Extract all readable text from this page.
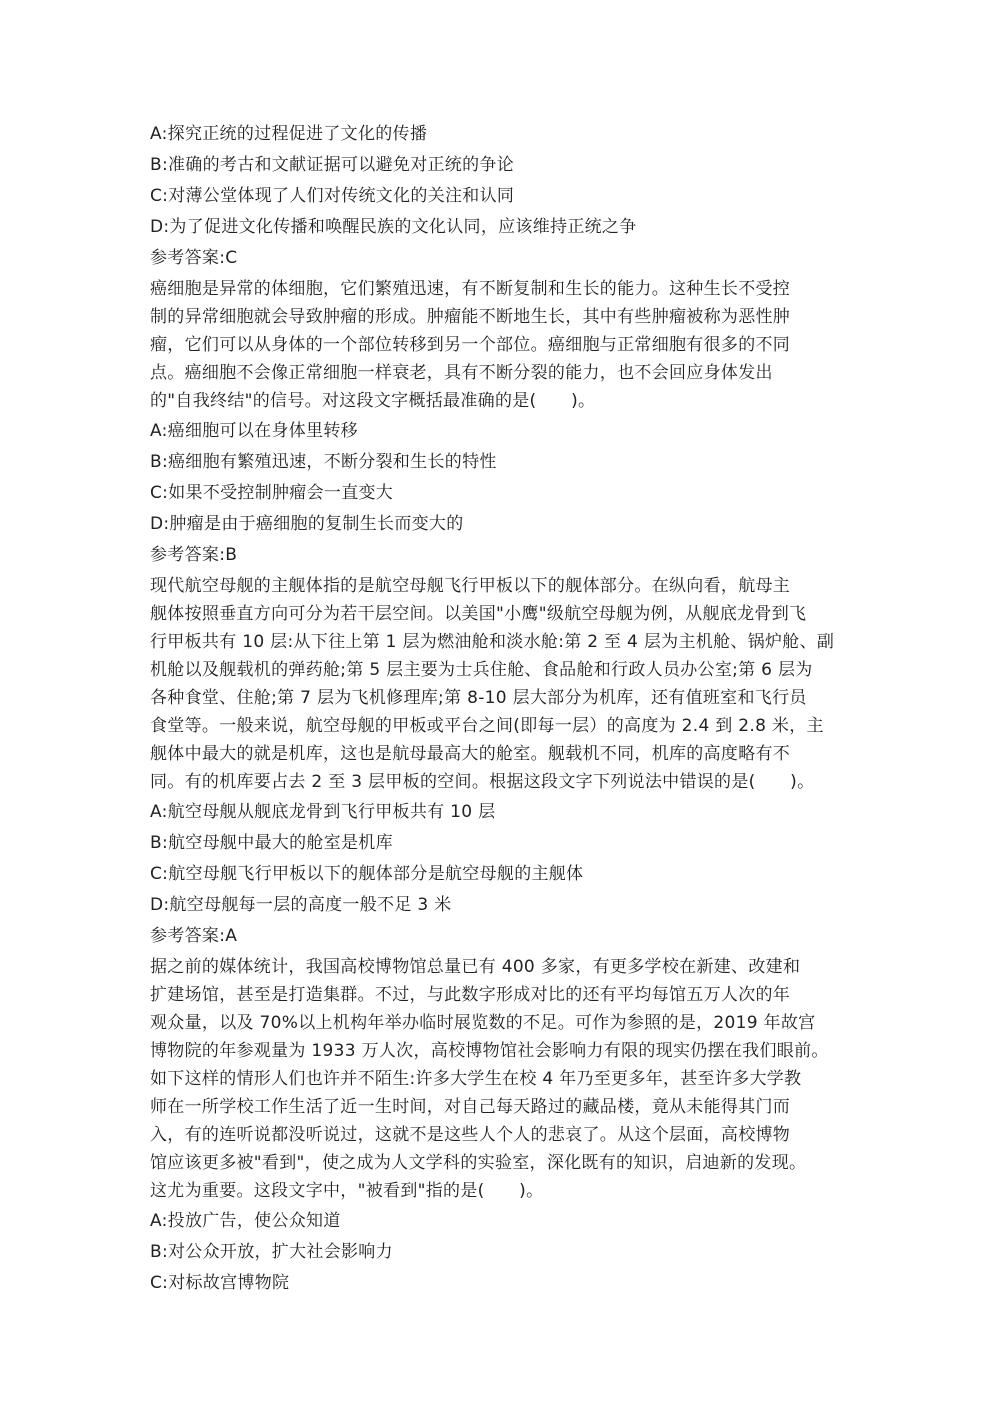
A:探究正统的过程促进了文化的传播
B:准确的考古和文献证据可以避免对正统的争论
C:对薄公堂体现了人们对传统文化的关注和认同
D:为了促进文化传播和唤醒民族的文化认同，应该维持正统之争
参考答案:C
癌细胞是异常的体细胞，它们繁殖迅速，有不断复制和生长的能力。这种生长不受控
制的异常细胞就会导致肿瘤的形成。肿瘤能不断地生长，其中有些肿瘤被称为恶性肿
瘤，它们可以从身体的一个部位转移到另一个部位。癌细胞与正常细胞有很多的不同
点。癌细胞不会像正常细胞一样衰老，具有不断分裂的能力，也不会回应身体发出
的"自我终结"的信号。对这段文字概括最准确的是(　　)。
A:癌细胞可以在身体里转移
B:癌细胞有繁殖迅速，不断分裂和生长的特性
C:如果不受控制肿瘤会一直变大
D:肿瘤是由于癌细胞的复制生长而变大的
参考答案:B
现代航空母舰的主舰体指的是航空母舰飞行甲板以下的舰体部分。在纵向看，航母主
舰体按照垂直方向可分为若干层空间。以美国"小鹰"级航空母舰为例，从舰底龙骨到飞
行甲板共有 10 层:从下往上第 1 层为燃油舱和淡水舱:第 2 至 4 层为主机舱、锅炉舱、副
机舱以及舰载机的弹药舱;第 5 层主要为士兵住舱、食品舱和行政人员办公室;第 6 层为
各种食堂、住舱;第 7 层为飞机修理库;第 8-10 层大部分为机库，还有值班室和飞行员
食堂等。一般来说，航空母舰的甲板或平台之间(即每一层）的高度为 2.4 到 2.8 米，主
舰体中最大的就是机库，这也是航母最高大的舱室。舰载机不同，机库的高度略有不
同。有的机库要占去 2 至 3 层甲板的空间。根据这段文字下列说法中错误的是(　　)。
A:航空母舰从舰底龙骨到飞行甲板共有 10 层
B:航空母舰中最大的舱室是机库
C:航空母舰飞行甲板以下的舰体部分是航空母舰的主舰体
D:航空母舰每一层的高度一般不足 3 米
参考答案:A
据之前的媒体统计，我国高校博物馆总量已有 400 多家，有更多学校在新建、改建和
扩建场馆，甚至是打造集群。不过，与此数字形成对比的还有平均每馆五万人次的年
观众量，以及 70%以上机构年举办临时展览数的不足。可作为参照的是，2019 年故宫
博物院的年参观量为 1933 万人次，高校博物馆社会影响力有限的现实仍摆在我们眼前。
如下这样的情形人们也许并不陌生:许多大学生在校 4 年乃至更多年，甚至许多大学教
师在一所学校工作生活了近一生时间，对自己每天路过的藏品楼，竟从未能得其门而
入，有的连听说都没听说过，这就不是这些人个人的悲哀了。从这个层面，高校博物
馆应该更多被"看到"，使之成为人文学科的实验室，深化既有的知识，启迪新的发现。
这尤为重要。这段文字中，"被看到"指的是(　　)。
A:投放广告，使公众知道
B:对公众开放，扩大社会影响力
C:对标故宫博物院
